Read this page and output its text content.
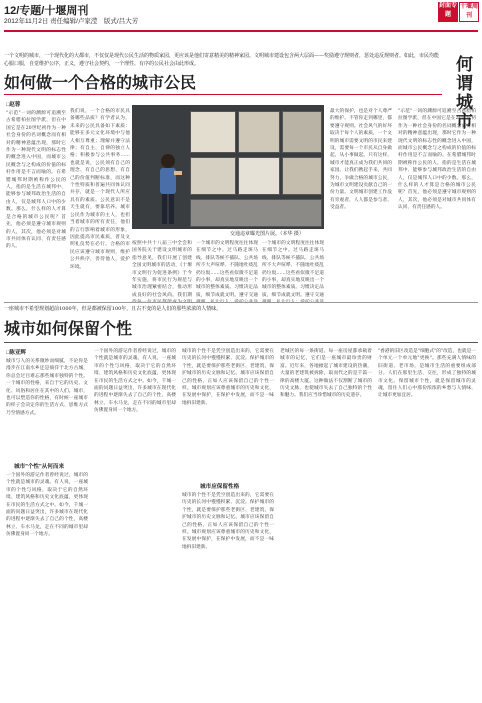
12/专题/十堰周刊
2012年11月2日 责任编辑/卢家滢　版式/吕大芳
封面专题
十堰周刊
一个文明的城市，一个现代化的大都市，不仅仅是现代公民生活的物质家园，更应该是他们寄意精美的精神家园。文明城市建设包含两大层面——奖励遵守规则者，惩处违反规则者。如此，市民均能心服口服，自觉维护公序，正义，遵守社会契约，一个理性、有序的公民社会由此形成。
如何做一个合格的城市公民	何谓城市
□赵蓉
"示范"一词的渊源可追溯至古希腊柏拉图学派，但在中国它是在20世纪初作为一种社会身份的名词概念而有相对的精神意蕴出现，那时它作为一种现代文明的标志性的概念进入中国，而城市公民概念与之构成的价值的标杆作用是不言而喻的。在希腊城邦时期被称作公民的人，指的是生活在城邦中、能够参与城邦政治生活的自由人，仅是城邦人口中的少数。那么，什么样的人才算是合格的城市公民呢？首先，他必须是遵守城市规则的人，其次，他必须是对城市共同体有认同、有责任感的人。
我们说，一个合格的市民具备哪些品质？有学者认为，未来的公民具备如下素质：能够在多元文化环境中与他人相互尊重；理解并遵守法律；有自主、自律的独立人格；积极参与公共事务……也就是说，公民须有自己的理念、有自己的思想、有自己的价值判断标准，而这种个性特质和普遍共同体认同并存，就是一个现代人所应具有的素质。公民意识不是天生就有，要靠培养。城市公民作为城市的主人，也担当着城市的所有责任，他们的言行影响着城市的形象，因此提高市民素质，普及文明礼仪势在必行。合格的市民应该遵守城市规则，维护公共秩序，善待他人，爱护环境。
交通违章曝光图片展。（本华 摄）
按照中共十八届三中全会和国务院关于建设文明城市的指导意见，我们开展了创建全国文明城市的活动，《十堰市文明行为促进条例》于今年实施，将市民行为规范与城市治理紧密结合，推动形成良好的社会风尚。我们期
一个城市的文明程度往往体现在细节之中。过马路走斑马线、排队等候不插队、公共场所不大声喧哗、不随地吐痰乱扔垃圾……这些看似微不足道的小事，却真实地反映出一个城市的整体素质。习惯决定品质，细节成就文明。遵守交通
一个城市的文明程度往往体现在细节之中。过马路走斑马线、排队等候不插队、公共场所不大声喧哗、不随地吐痰乱扔垃圾……这些看似微不足道的小事，却真实地反映出一个城市的整体素质。习惯决定品质，细节成就文明。遵守交通
最大的保护，也是对个人尊严的维护。不管你走到哪里，都要遵守规则。社会风气的好坏取决于每个人的素质，一个文明的城市需要文明的市民来建设，需要每一个市民从自身做起，从小事做起。只有这样，城市才能真正成为我们共同的家园。让我们携起手来，共同努力，争做合格的城市公民，为城市文明建设贡献自己的一份力量。文明城市创建工作没有旁观者，人人都是参与者、受益者。
"示范"一词的渊源可追溯至古希腊柏拉图学派，但在中国它是在20世纪初作为一种社会身份的名词概念而有相对的精神意蕴出现，那时它作为一种现代文明的标志性的概念进入中国，而城市公民概念与之构成的价值的标杆作用是不言而喻的。在希腊城邦时期被称作公民的人，指的是生活在城邦中、能够参与城邦政治生活的自由人，仅是城邦人口中的少数。那么，什么样的人才算是合格的城市公民呢？首先，他必须是遵守城市规则的人，其次，他必须是对城市共同体有认同、有责任感的人。
一座城市不希望规划超前1000年，但是都被保留100年，且古不变的是人们的那些浓浓的人情味。
城市如何保留个性
□陈亚辉
城市与人的关系微妙而细腻，不论你是漫步在江南水乡还是徜徉于北方古城，你总会过目难忘那些城市独特的个性。一个城市的性格，来自于它的历史、文化、风俗和居住在其中的人们。城市，也可以塑造你的性格，有时候一座城市的样子会决定你的生活方式、思维方式乃至情感方式。
城市"个性"从何而来
一个国外的游记作者曾经说过，城市的个性就是城市的灵魂。有人说，一座城市的个性与风格，取决于它的自然环境、建筑风格和历史文化底蕴，更体现在市民的生活方式之中。如今，千城一面的问题日益突出，许多城市在现代化的进程中逐渐失去了自己的个性，高楼林立、车水马龙，走在不同的城市里却仿佛置身同一个地方。
一个国外的游记作者曾经说过，城市的个性就是城市的灵魂。有人说，一座城市的个性与风格，取决于它的自然环境、建筑风格和历史文化底蕴，更体现在市民的生活方式之中。如今，千城一面的问题日益突出，许多城市在现代化的进程中逐渐失去了自己的个性，高楼林立、车水马龙，走在不同的城市里却仿佛置身同一个地方。
城市的个性不是凭空创造出来的，它需要在历史的长河中慢慢积累、沉淀。保护城市的个性，就是要保护那些老街区、老建筑，保护城市的历史文脉和记忆。城市应该保留自己的性格，正如人应该保留自己的个性一样。城市规划应该尊重城市的历史和文化，在发展中保护，在保护中发展，而不是一味地拆旧建新。
城市应保留性格
城市的个性不是凭空创造出来的，它需要在历史的长河中慢慢积累、沉淀。保护城市的个性，就是要保护那些老街区、老建筑，保护城市的历史文脉和记忆。城市应该保留自己的性格，正如人应该保留自己的个性一样。城市规划应该尊重城市的历史和文化，在发展中保护，在保护中发展，而不是一味地拆旧建新。
老城区的每一条街道、每一座房屋都承载着城市的记忆，它们是一座城市最珍贵的财富。近年来，各地掀起了城市建设的热潮，大量的老建筑被拆除，取而代之的是千篇一律的高楼大厦。这种做法不仅割断了城市的历史文脉，也使城市失去了自己独特的个性和魅力。我们应当珍惜城市的历史遗存。
"香港的旧区改造是"细胞式"的"改造，也就是一个单元一个单元地"更换"。那些充满人情味的旧街道、老市场，是城市生活的重要组成部分。人们在那里生活、交往，形成了独特的城市文化。保留城市个性，就是保留城市的灵魂，留住人们心中那份浓浓的乡愁与人情味，让城市更加宜居。
